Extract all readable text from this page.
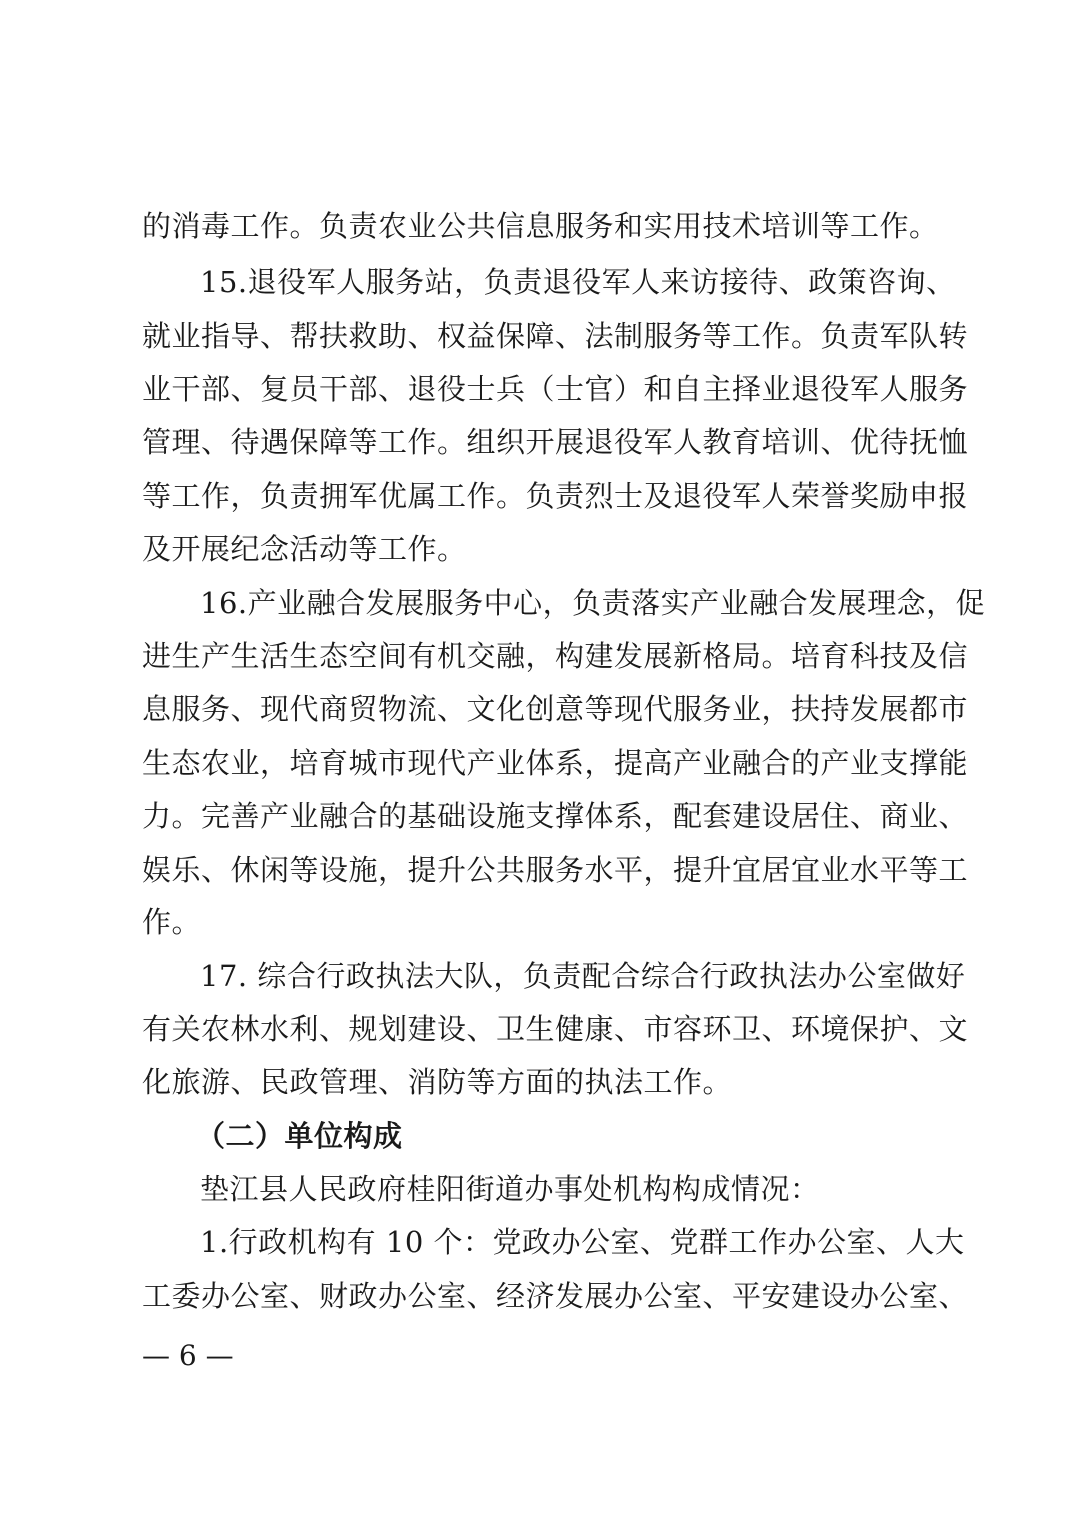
的消毒工作。负责农业公共信息服务和实用技术培训等工作。
15.退役军人服务站，负责退役军人来访接待、政策咨询、
就业指导、帮扶救助、权益保障、法制服务等工作。负责军队转
业干部、复员干部、退役士兵（士官）和自主择业退役军人服务
管理、待遇保障等工作。组织开展退役军人教育培训、优待抚恤
等工作，负责拥军优属工作。负责烈士及退役军人荣誉奖励申报
及开展纪念活动等工作。
16.产业融合发展服务中心，负责落实产业融合发展理念，促
进生产生活生态空间有机交融，构建发展新格局。培育科技及信
息服务、现代商贸物流、文化创意等现代服务业，扶持发展都市
生态农业，培育城市现代产业体系，提高产业融合的产业支撑能
力。完善产业融合的基础设施支撑体系，配套建设居住、商业、
娱乐、休闲等设施，提升公共服务水平，提升宜居宜业水平等工
作。
17. 综合行政执法大队，负责配合综合行政执法办公室做好
有关农林水利、规划建设、卫生健康、市容环卫、环境保护、文
化旅游、民政管理、消防等方面的执法工作。
（二）单位构成
垫江县人民政府桂阳街道办事处机构构成情况：
1.行政机构有 10 个：党政办公室、党群工作办公室、人大
工委办公室、财政办公室、经济发展办公室、平安建设办公室、
— 6 —
